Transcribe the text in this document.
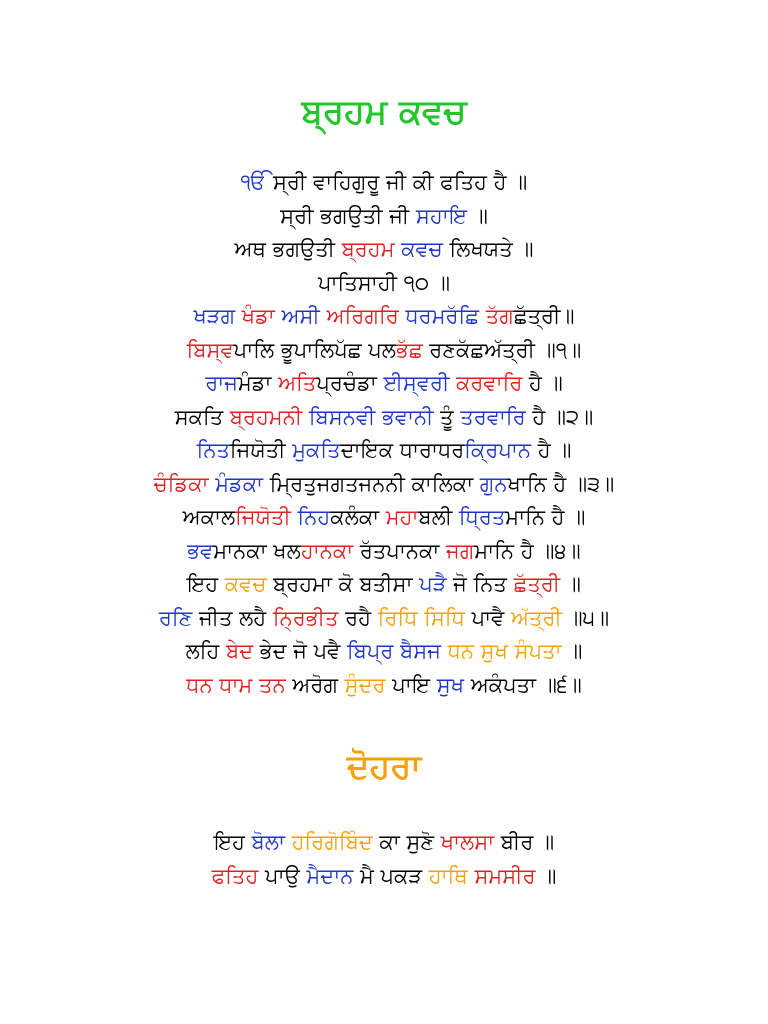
ਬ੍ਰਹਮ ਕਵਚ
ੴ ਸ੍ਰੀ ਵਾਹਿਗੁਰੂ ਜੀ ਕੀ ਫਤਿਹ ਹੈ ॥
ਸ੍ਰੀ ਭਗਉਤੀ ਜੀ ਸਹਾਇ ॥
ਅਥ ਭਗਉਤੀ ਬ੍ਰਹਮ ਕਵਚ ਲਿਖਯਤੇ ॥
ਪਾਤਿਸਾਹੀ ੧੦ ॥
ਖੜਗ ਖੰਡਾ ਅਸੀ ਅਰਿਗਰਿ ਧਰਮਰੱਛਿ ਤੱਗਛੱਤ੍ਰੀ॥
ਬਿਸ੍ਵਪਾਲਿ ਭੂਪਾਲਿਪੱਛ ਪਲਭੱਛ ਰਣਕੱਛਅੱਤ੍ਰੀ ॥੧॥
ਰਾਜਮੰਡਾ ਅਤਿਪ੍ਰਚੰਡਾ ਈਸ੍ਵਰੀ ਕਰਵਾਰਿ ਹੈ ॥
ਸਕਤਿ ਬ੍ਰਹਮਨੀ ਬਿਸਨਵੀ ਭਵਾਨੀ ਤੂੰ ਤਰਵਾਰਿ ਹੈ ॥੨॥
ਨਿਤਜਿਯੋਤੀ ਮੁਕਤਿਦਾਇਕ ਧਾਰਾਧਰਕ੍ਰਿਪਾਨ ਹੈ ॥
ਚੰਡਿਕਾ ਮੰਡਕਾ ਮ੍ਰਿਤੁਜਗਤਜਨਨੀ ਕਾਲਿਕਾ ਗੁਨਖਾਨਿ ਹੈ ॥੩॥
ਅਕਾਲਜਿਯੋਤੀ ਨਿਹਕਲੰਕਾ ਮਹਾਬਲੀ ਧ੍ਰਿਤਮਾਨਿ ਹੈ ॥
ਭਵਮਾਨਕਾ ਖਲਹਾਨਕਾ ਰੱਤਪਾਨਕਾ ਜਗਮਾਨਿ ਹੈ ॥੪॥
ਇਹ ਕਵਚ ਬ੍ਰਹਮਾ ਕੋ ਬਤੀਸਾ ਪੜੈ ਜੋ ਨਿਤ ਛੱਤ੍ਰੀ ॥
ਰਣਿ ਜੀਤ ਲਹੈ ਨ੍ਰਿਭੀਤ ਰਹੈ ਰਿਧਿ ਸਿਧਿ ਪਾਵੈ ਅੱਤ੍ਰੀ ॥੫॥
ਲਹਿ ਬੇਦ ਭੇਦ ਜੋ ਪਵੈ ਬਿਪ੍ਰ ਬੈਸਜ ਧਨ ਸੁਖ ਸੰਪਤਾ ॥
ਧਨ ਧਾਮ ਤਨ ਅਰੋਗ ਸੁੰਦਰ ਪਾਇ ਸੁਖ ਅਕੰਪਤਾ ॥੬॥
ਦੋਹਰਾ
ਇਹ ਬੋਲਾ ਹਰਿਗੋਬਿੰਦ ਕਾ ਸੁਣੋ ਖਾਲਸਾ ਬੀਰ ॥
ਫਤਿਹ ਪਾਉ ਮੈਦਾਨ ਮੈ ਪਕੜ ਹਾਥਿ ਸਮਸੀਰ ॥
